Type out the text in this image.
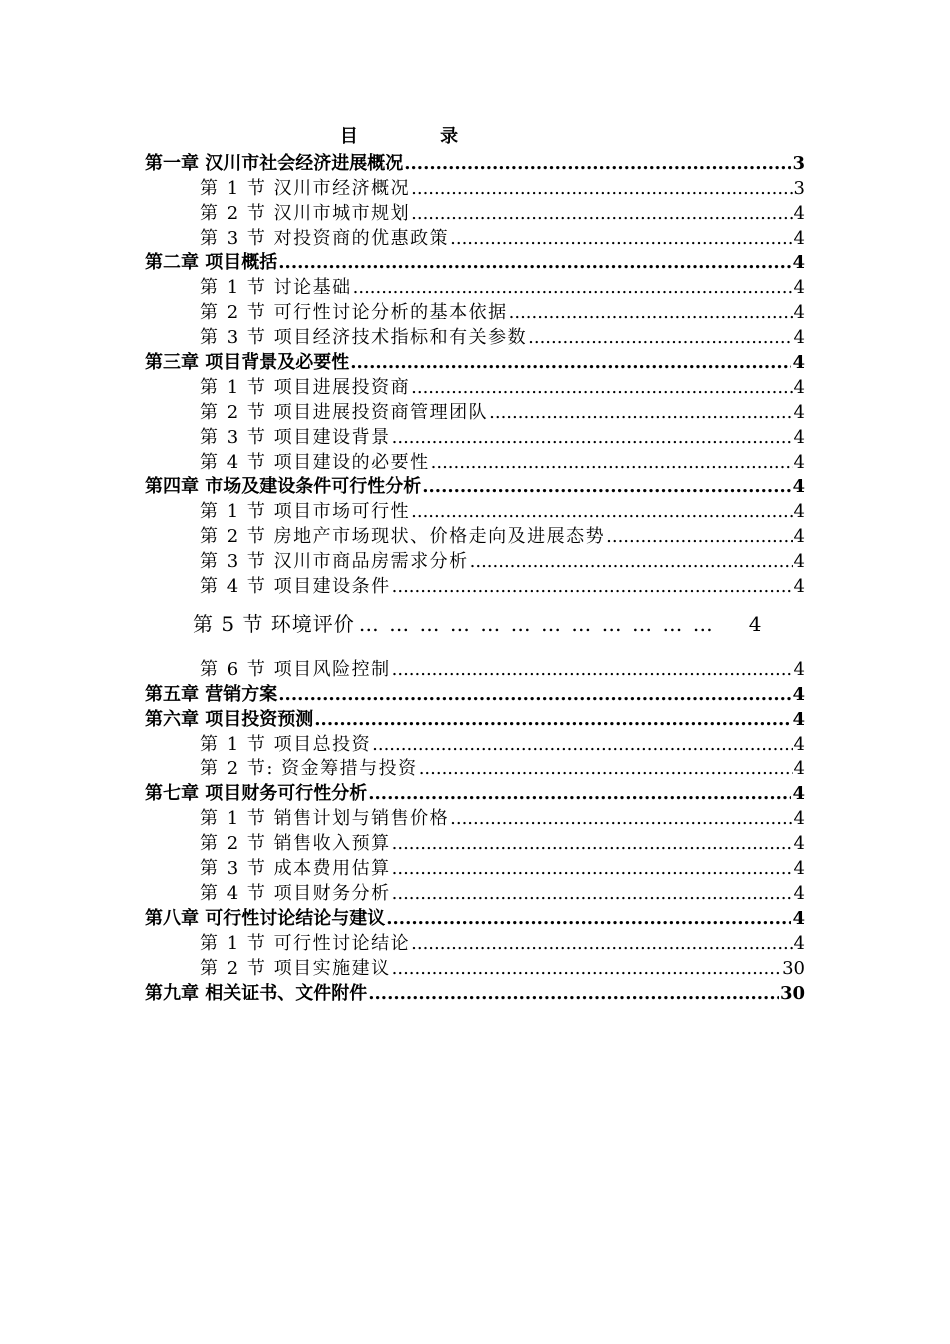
目 录
第一章 汉川市社会经济进展概况 .....	3
第 1 节 汉川市经济概况 .....	3
第 2 节 汉川市城市规划 .....	4
第 3 节 对投资商的优惠政策 .....	4
第二章 项目概括 .....	4
第 1 节 讨论基础 .....	4
第 2 节 可行性讨论分析的基本依据 .....	4
第 3 节 项目经济技术指标和有关参数 .....	4
第三章 项目背景及必要性 .....	4
第 1 节 项目进展投资商 .....	4
第 2 节 项目进展投资商管理团队 .....	4
第 3 节 项目建设背景 .....	4
第 4 节 项目建设的必要性 .....	4
第四章 市场及建设条件可行性分析 .....	4
第 1 节 项目市场可行性 .....	4
第 2 节 房地产市场现状、价格走向及进展态势 .....	4
第 3 节 汉川市商品房需求分析 .....	4
第 4 节 项目建设条件 .....	4
第 5 节 环境评价 … … … … … … … … … … … … 4
第 6 节 项目风险控制 .....	4
第五章 营销方案 .....	4
第六章 项目投资预测 .....	4
第 1 节 项目总投资 .....	4
第 2 节: 资金筹措与投资 .....	4
第七章 项目财务可行性分析 .....	4
第 1 节 销售计划与销售价格 .....	4
第 2 节 销售收入预算 .....	4
第 3 节 成本费用估算 .....	4
第 4 节 项目财务分析 .....	4
第八章 可行性讨论结论与建议 .....	4
第 1 节 可行性讨论结论 .....	4
第 2 节 项目实施建议 .....	30
第九章 相关证书、文件附件 .....	30
